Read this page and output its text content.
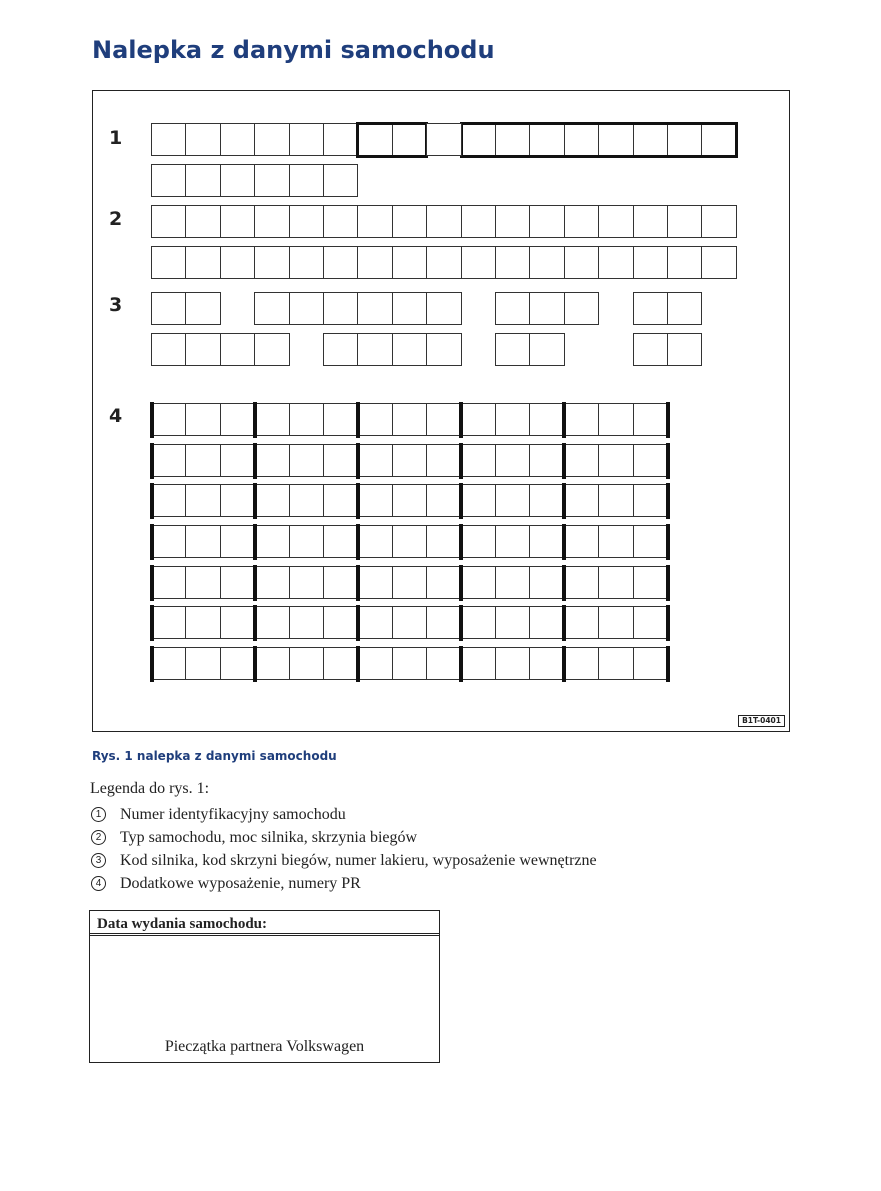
Nalepka z danymi samochodu
1
2
3
4
B1T-0401
Rys. 1 nalepka z danymi samochodu
Legenda do rys. 1:
1 Numer identyfikacyjny samochodu
2 Typ samochodu, moc silnika, skrzynia biegów
3 Kod silnika, kod skrzyni biegów, numer lakieru, wyposażenie wewnętrzne
4 Dodatkowe wyposażenie, numery PR
Data wydania samochodu:
Pieczątka partnera Volkswagen
